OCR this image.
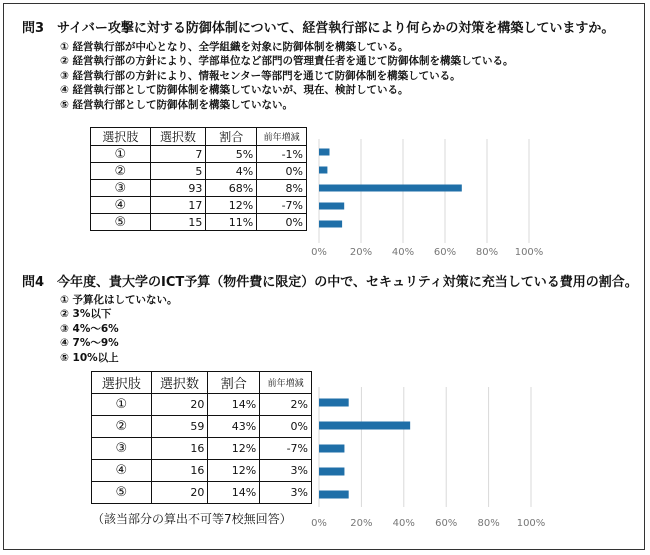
問3　サイバー攻撃に対する防御体制について、経営執行部により何らかの対策を構築していますか。
① 経営執行部が中心となり、全学組織を対象に防御体制を構築している。
② 経営執行部の方針により、学部単位など部門の管理責任者を通じて防御体制を構築している。
③ 経営執行部の方針により、情報センター等部門を通じて防御体制を構築している。
④ 経営執行部として防御体制を構築していないが、現在、検討している。
⑤ 経営執行部として防御体制を構築していない。
選択肢	選択数	割合	前年増減
①	7	5%	-1%
②	5	4%	0%
③	93	68%	8%
④	17	12%	-7%
⑤	15	11%	0%
0% 20% 40% 60% 80% 100%
問4　今年度、貴大学のICT予算（物件費に限定）の中で、セキュリティ対策に充当している費用の割合。
① 予算化はしていない。
② 3%以下
③ 4%～6%
④ 7%～9%
⑤ 10%以上
選択肢	選択数	割合	前年増減
①	20	14%	2%
②	59	43%	0%
③	16	12%	-7%
④	16	12%	3%
⑤	20	14%	3%
（該当部分の算出不可等7校無回答） 0% 20% 40% 60% 80% 100%
